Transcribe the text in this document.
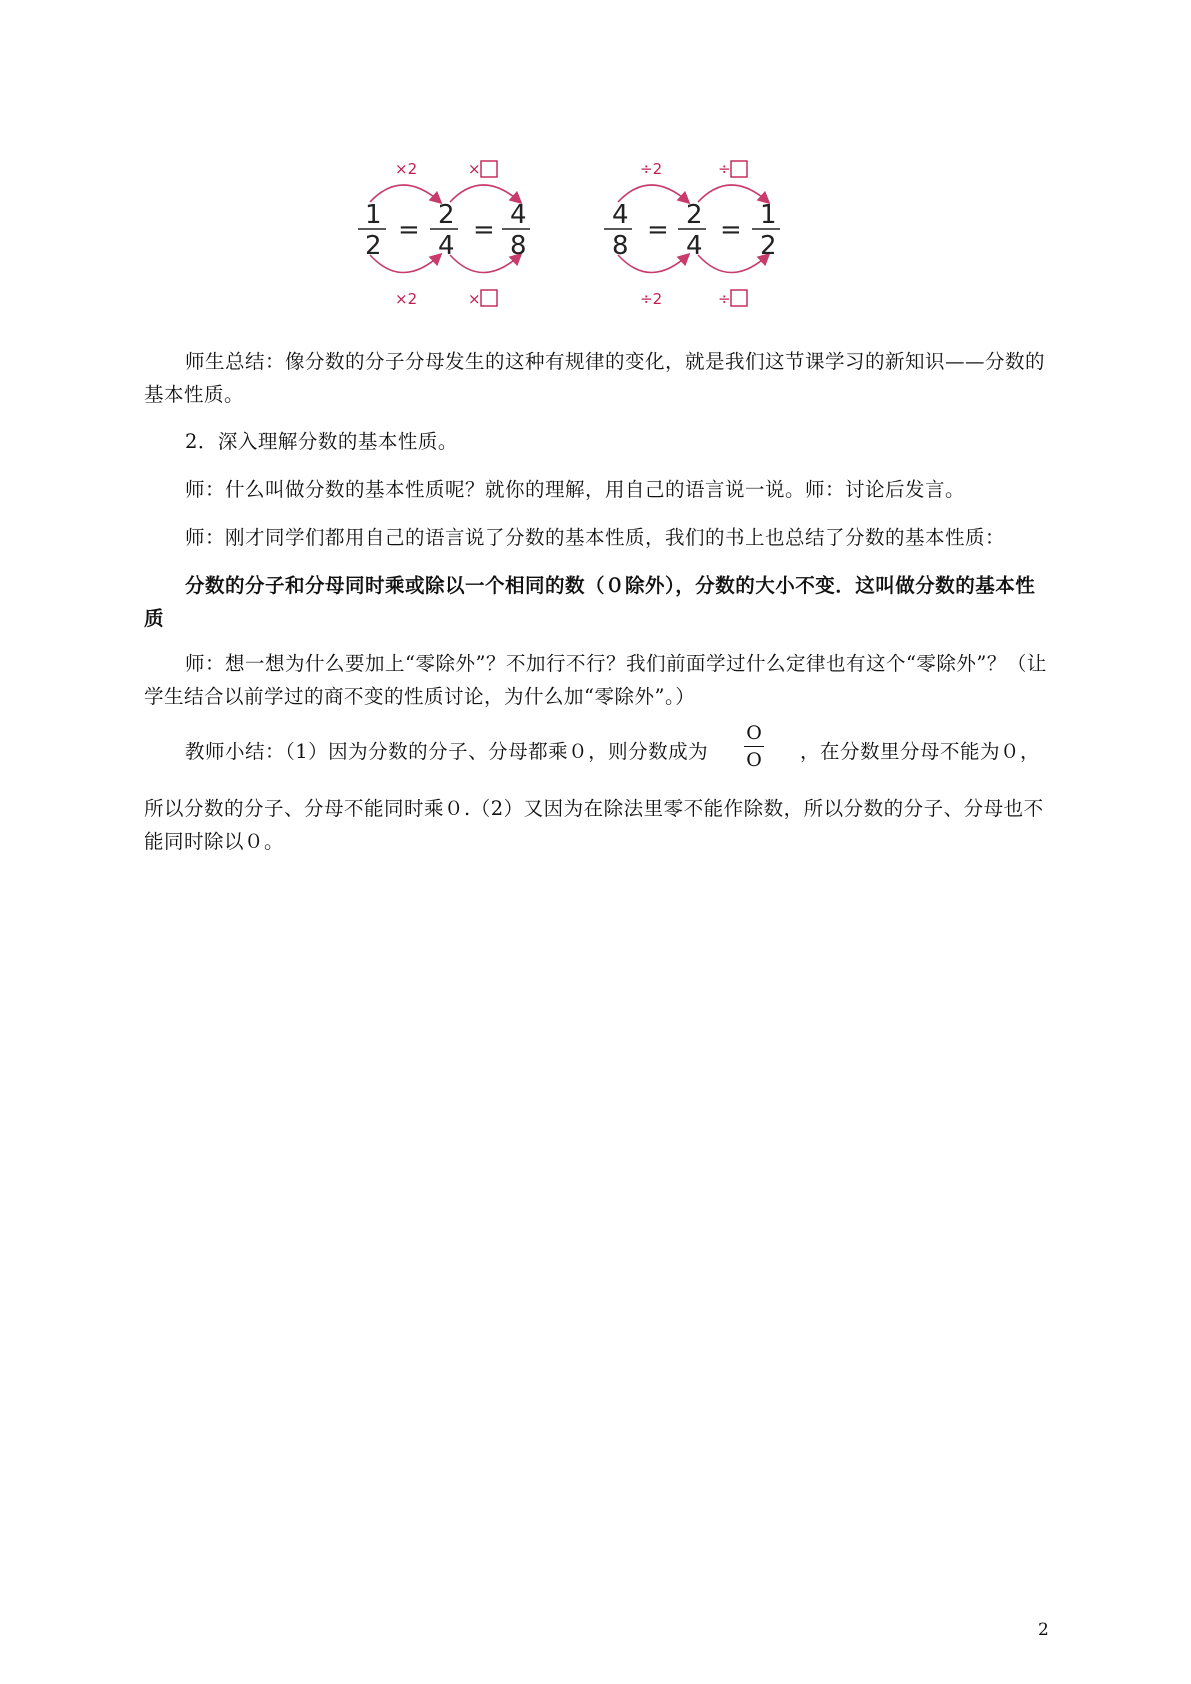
×2	×
×2	×
1
2
= 2
4
= 4
8
÷2	÷
÷2	÷
4
8
= 2
4
= 1
2
师生总结：像分数的分子分母发生的这种有规律的变化，就是我们这节课学习的新知识——分数的基本性质。
2．深入理解分数的基本性质。
师：什么叫做分数的基本性质呢？就你的理解，用自己的语言说一说。师：讨论后发言。
师：刚才同学们都用自己的语言说了分数的基本性质，我们的书上也总结了分数的基本性质：
分数的分子和分母同时乘或除以一个相同的数（０除外），分数的大小不变．这叫做分数的基本性质
师：想一想为什么要加上“零除外”？不加行不行？我们前面学过什么定律也有这个“零除外”？（让学生结合以前学过的商不变的性质讨论，为什么加“零除外”。）
教师小结：（1）因为分数的分子、分母都乘０，则分数成为
O
O ，在分数里分母不能为０，
所以分数的分子、分母不能同时乘０.（2）又因为在除法里零不能作除数，所以分数的分子、分母也不能同时除以０。
2
